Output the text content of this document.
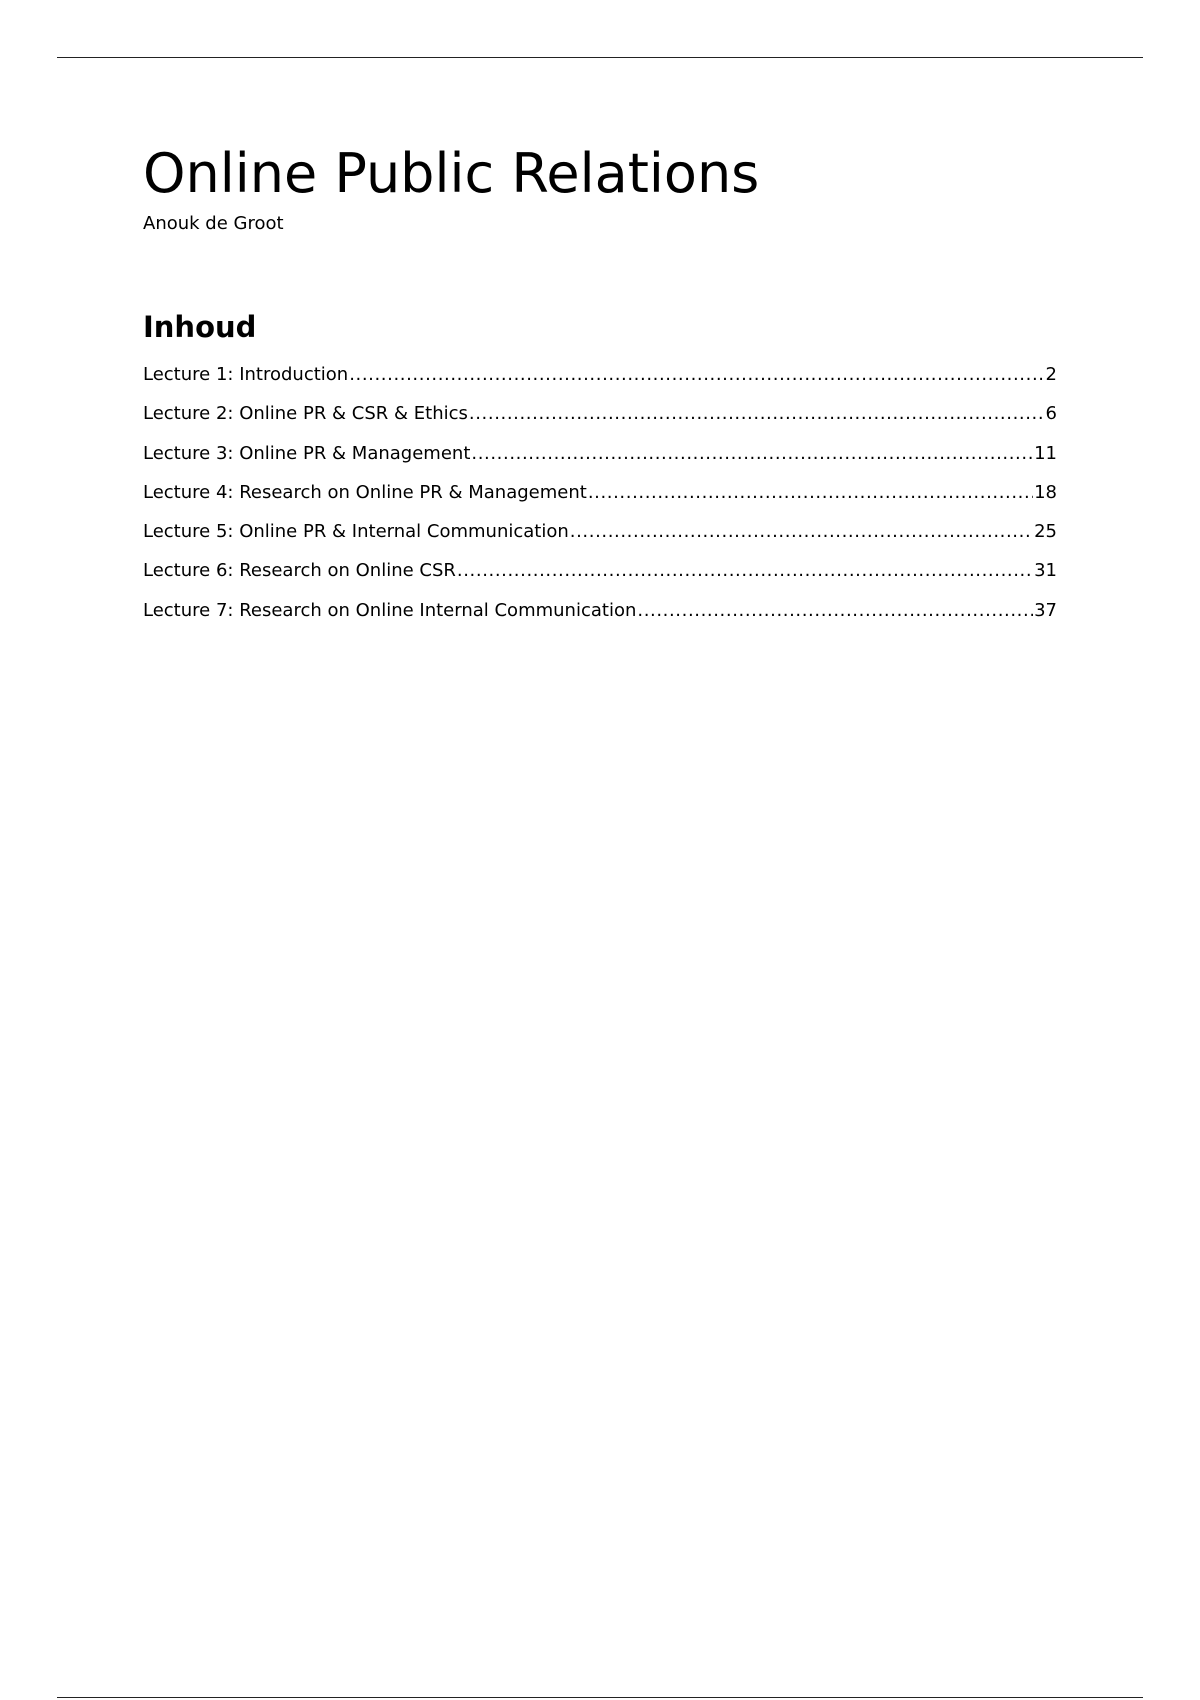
Online Public Relations
Anouk de Groot
Inhoud
Lecture 1: Introduction .....	2
Lecture 2: Online PR & CSR & Ethics .....	6
Lecture 3: Online PR & Management .....	11
Lecture 4: Research on Online PR & Management .....	18
Lecture 5: Online PR & Internal Communication .....	25
Lecture 6: Research on Online CSR .....	31
Lecture 7: Research on Online Internal Communication .....	37
